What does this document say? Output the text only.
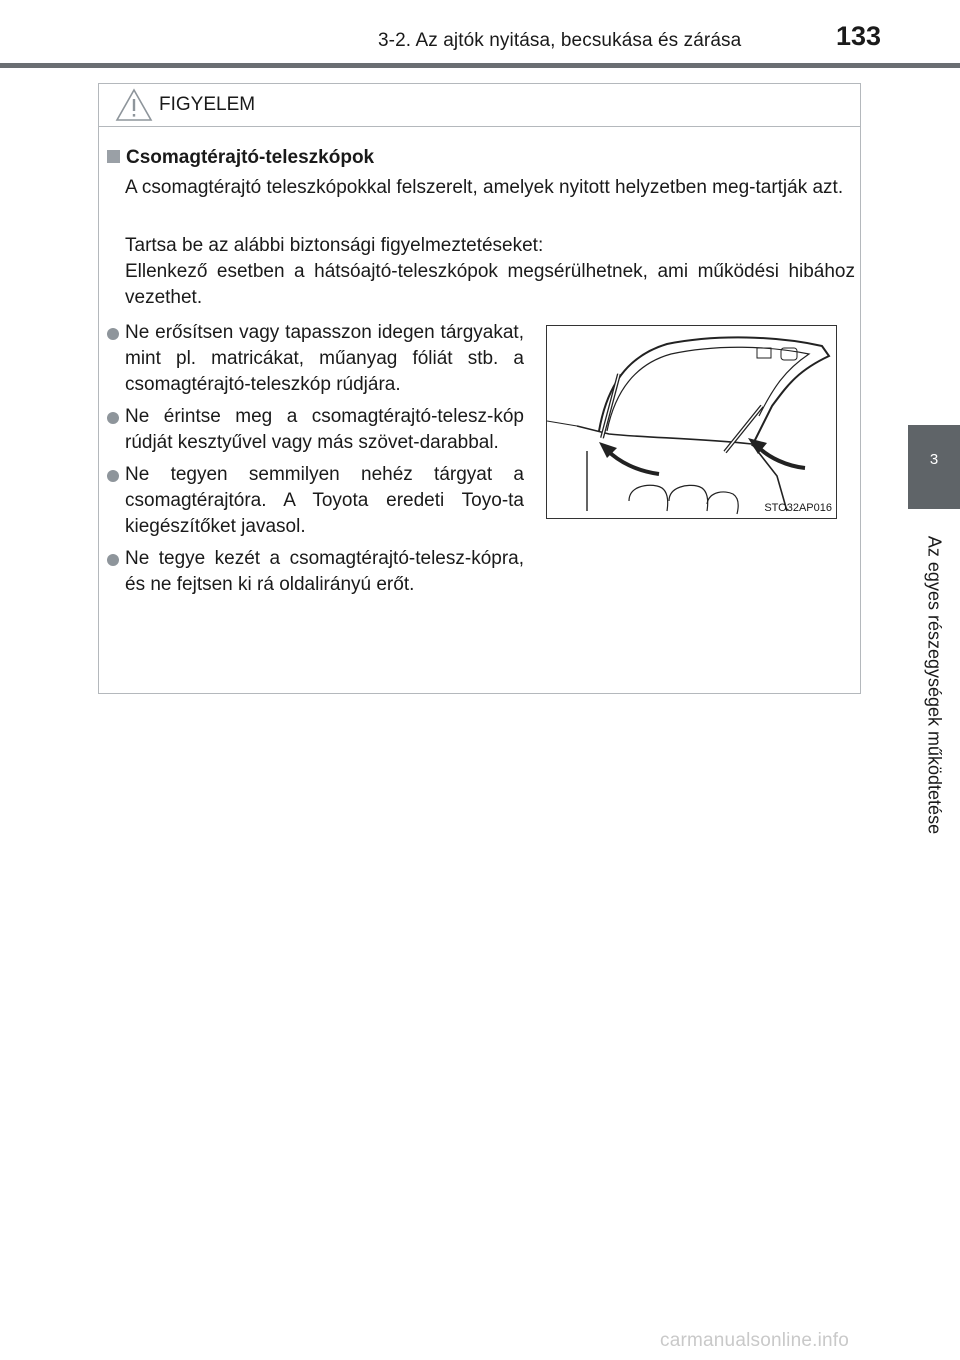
3-2. Az ajtók nyitása, becsukása és zárása	133
3
Az egyes részegységek működtetése
FIGYELEM
Csomagtérajtó-teleszkópok
A csomagtérajtó teleszkópokkal felszerelt, amelyek nyitott helyzetben meg-tartják azt.
Tartsa be az alábbi biztonsági figyelmeztetéseket:
Ellenkező esetben a hátsóajtó-teleszkópok megsérülhetnek, ami működési hibához vezethet.
Ne erősítsen vagy tapasszon idegen tárgyakat, mint pl. matricákat, műanyag fóliát stb. a csomagtérajtó-teleszkóp rúdjára.
Ne érintse meg a csomagtérajtó-telesz-kóp rúdját kesztyűvel vagy más szövet-darabbal.
Ne tegyen semmilyen nehéz tárgyat a csomagtérajtóra. A Toyota eredeti Toyo-ta kiegészítőket javasol.
Ne tegye kezét a csomagtérajtó-telesz-kópra, és ne fejtsen ki rá oldalirányú erőt.
STO32AP016
carmanualsonline.info
